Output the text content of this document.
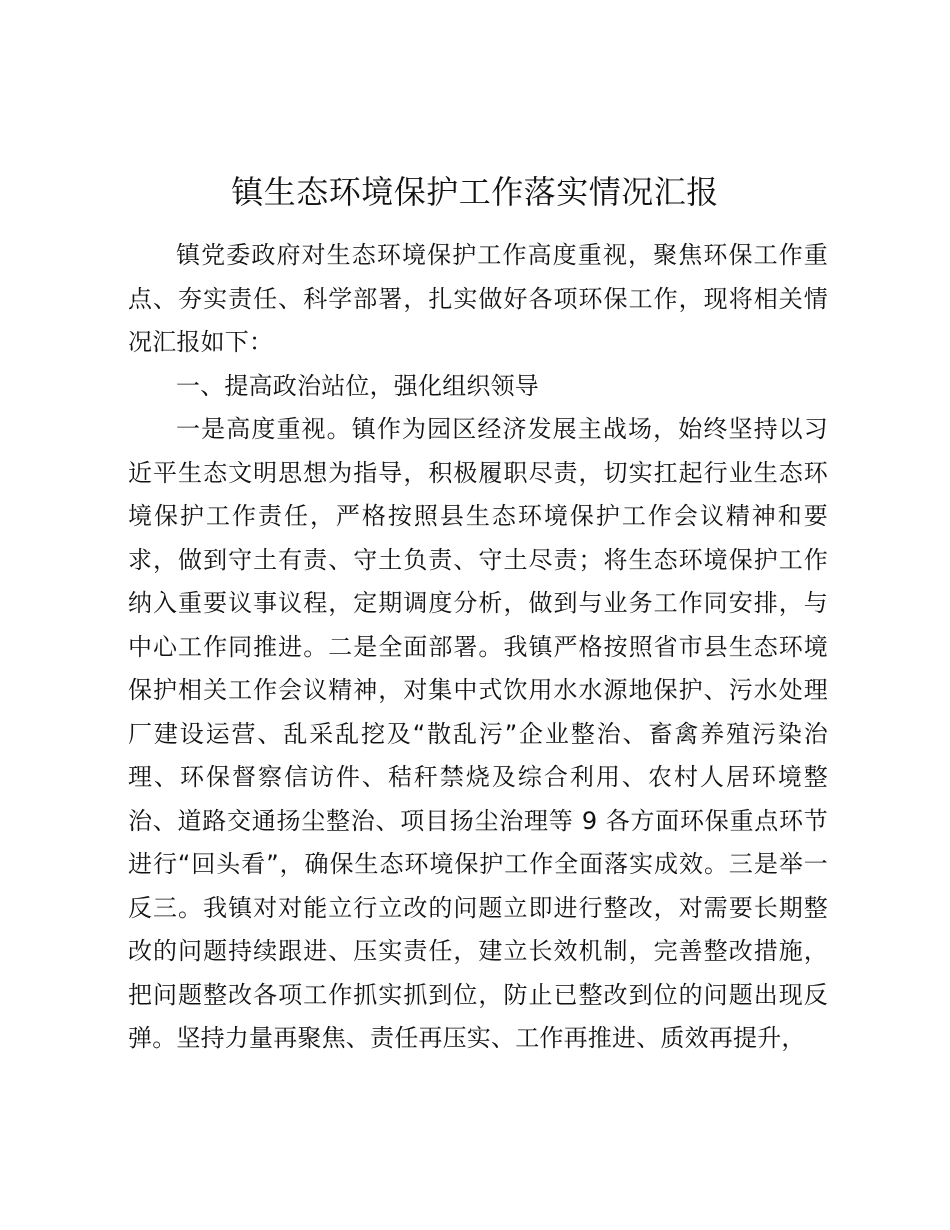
镇生态环境保护工作落实情况汇报

镇党委政府对生态环境保护工作高度重视，聚焦环保工作重点、夯实责任、科学部署，扎实做好各项环保工作，现将相关情况汇报如下：

一、提高政治站位，强化组织领导

一是高度重视。镇作为园区经济发展主战场，始终坚持以习近平生态文明思想为指导，积极履职尽责，切实扛起行业生态环境保护工作责任，严格按照县生态环境保护工作会议精神和要求，做到守土有责、守土负责、守土尽责；将生态环境保护工作纳入重要议事议程，定期调度分析，做到与业务工作同安排，与中心工作同推进。二是全面部署。我镇严格按照省市县生态环境保护相关工作会议精神，对集中式饮用水水源地保护、污水处理厂建设运营、乱采乱挖及“散乱污”企业整治、畜禽养殖污染治理、环保督察信访件、秸秆禁烧及综合利用、农村人居环境整治、道路交通扬尘整治、项目扬尘治理等 9 各方面环保重点环节进行“回头看”，确保生态环境保护工作全面落实成效。三是举一反三。我镇对对能立行立改的问题立即进行整改，对需要长期整改的问题持续跟进、压实责任，建立长效机制，完善整改措施，把问题整改各项工作抓实抓到位，防止已整改到位的问题出现反弹。坚持力量再聚焦、责任再压实、工作再推进、质效再提升，
